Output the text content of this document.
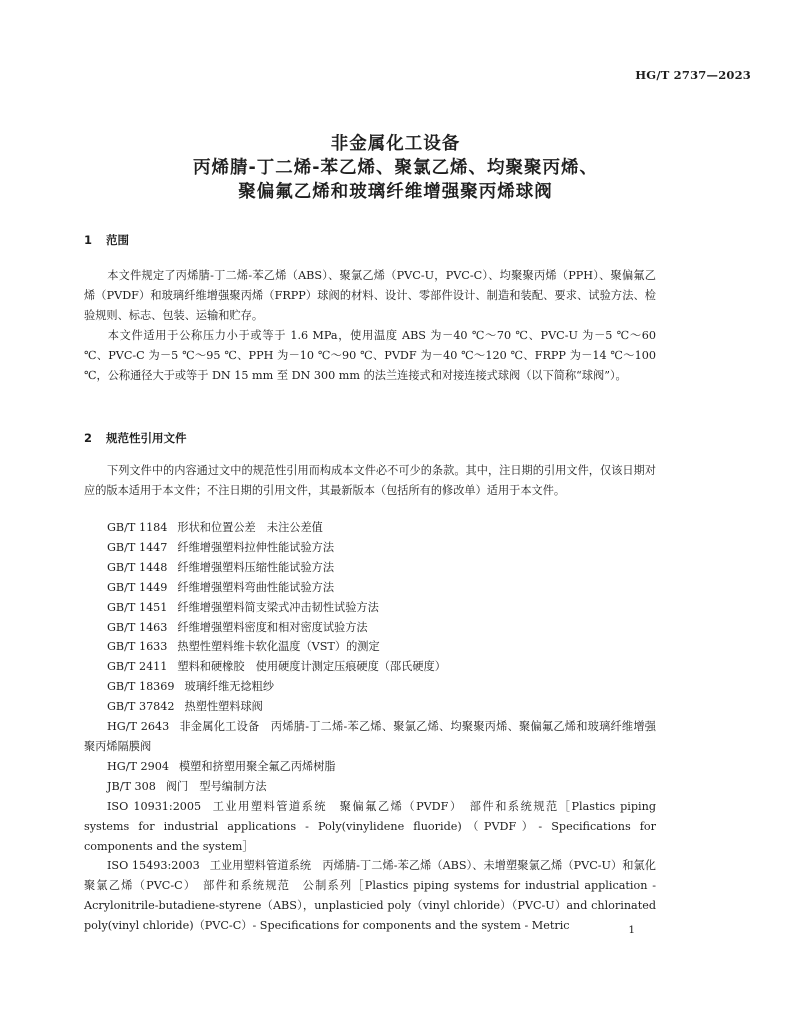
HG/T 2737—2023

非金属化工设备

丙烯腈-丁二烯-苯乙烯、聚氯乙烯、均聚聚丙烯、

聚偏氟乙烯和玻璃纤维增强聚丙烯球阀

1 范围

本文件规定了丙烯腈-丁二烯-苯乙烯（ABS）、聚氯乙烯（PVC-U，PVC-C）、均聚聚丙烯（PPH）、聚偏氟乙烯（PVDF）和玻璃纤维增强聚丙烯（FRPP）球阀的材料、设计、零部件设计、制造和装配、要求、试验方法、检验规则、标志、包装、运输和贮存。

本文件适用于公称压力小于或等于 1.6 MPa，使用温度 ABS 为－40 ℃～70 ℃、PVC-U 为－5 ℃～60 ℃、PVC-C 为－5 ℃～95 ℃、PPH 为－10 ℃～90 ℃、PVDF 为－40 ℃～120 ℃、FRPP 为－14 ℃～100 ℃，公称通径大于或等于 DN 15 mm 至 DN 300 mm 的法兰连接式和对接连接式球阀（以下简称“球阀”）。

2 规范性引用文件

下列文件中的内容通过文中的规范性引用而构成本文件必不可少的条款。其中，注日期的引用文件，仅该日期对应的版本适用于本文件；不注日期的引用文件，其最新版本（包括所有的修改单）适用于本文件。

GB/T 1184 形状和位置公差　未注公差值

GB/T 1447 纤维增强塑料拉伸性能试验方法

GB/T 1448 纤维增强塑料压缩性能试验方法

GB/T 1449 纤维增强塑料弯曲性能试验方法

GB/T 1451 纤维增强塑料简支梁式冲击韧性试验方法

GB/T 1463 纤维增强塑料密度和相对密度试验方法

GB/T 1633 热塑性塑料维卡软化温度（VST）的测定

GB/T 2411 塑料和硬橡胶　使用硬度计测定压痕硬度（邵氏硬度）

GB/T 18369 玻璃纤维无捻粗纱

GB/T 37842 热塑性塑料球阀

HG/T 2643 非金属化工设备　丙烯腈-丁二烯-苯乙烯、聚氯乙烯、均聚聚丙烯、聚偏氟乙烯和玻璃纤维增强聚丙烯隔膜阀

HG/T 2904 模塑和挤塑用聚全氟乙丙烯树脂

JB/T 308 阀门　型号编制方法

ISO 10931:2005 工业用塑料管道系统　聚偏氟乙烯（PVDF）　部件和系统规范［Plastics piping systems for industrial applications - Poly(vinylidene fluoride)（PVDF）- Specifications for components and the system］

ISO 15493:2003 工业用塑料管道系统　丙烯腈-丁二烯-苯乙烯（ABS）、未增塑聚氯乙烯（PVC-U）和氯化聚氯乙烯（PVC-C）　部件和系统规范　公制系列［Plastics piping systems for industrial application - Acrylonitrile-butadiene-styrene（ABS），unplasticied poly（vinyl chloride）（PVC-U）and chlorinated poly(vinyl chloride)（PVC-C）- Specifications for components and the system - Metric	1
